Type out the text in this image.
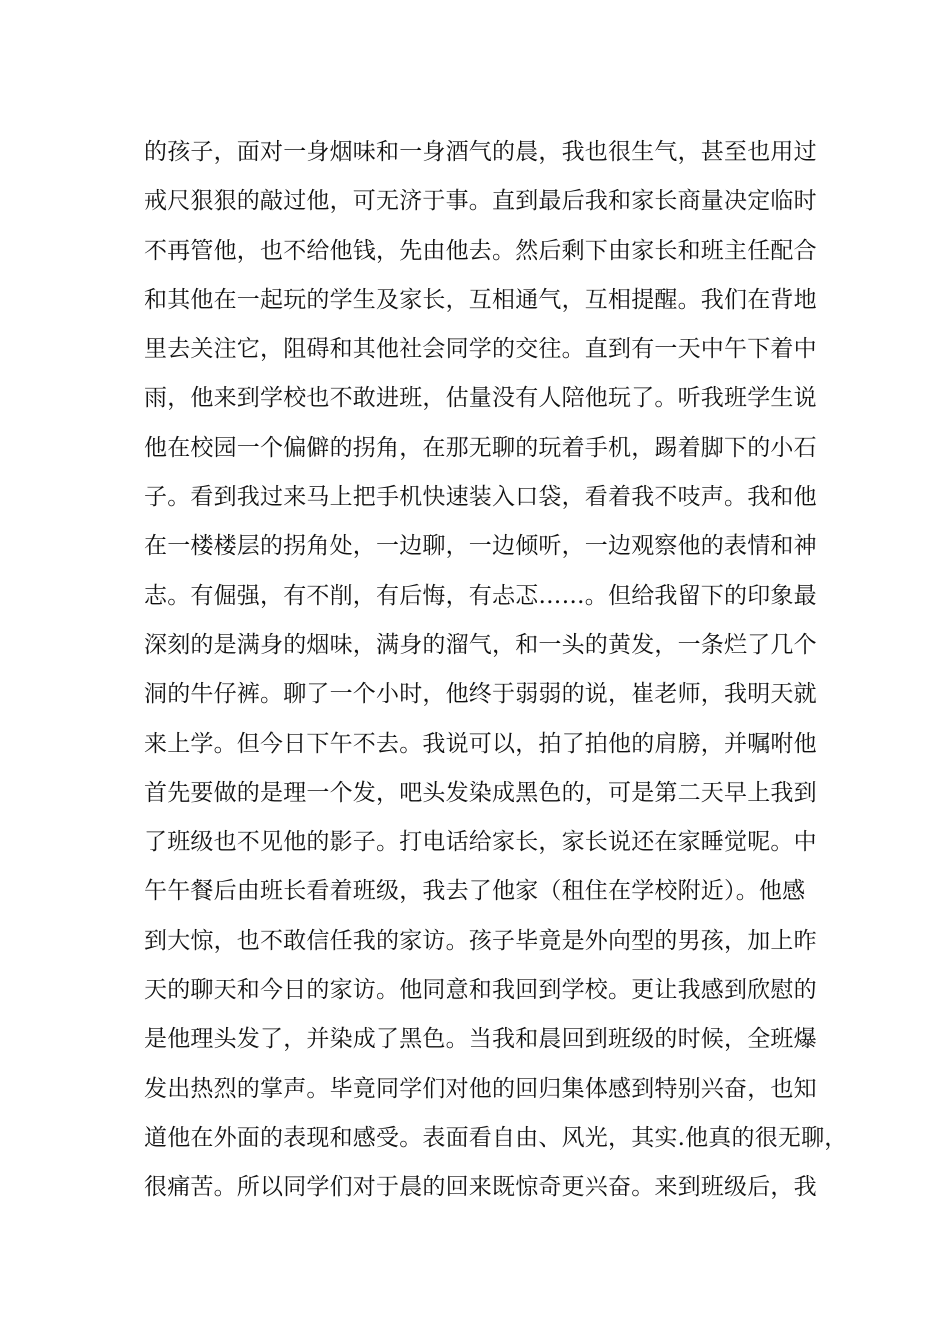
的孩子，面对一身烟味和一身酒气的晨，我也很生气，甚至也用过
戒尺狠狠的敲过他，可无济于事。直到最后我和家长商量决定临时
不再管他，也不给他钱，先由他去。然后剩下由家长和班主任配合
和其他在一起玩的学生及家长，互相通气，互相提醒。我们在背地
里去关注它，阻碍和其他社会同学的交往。直到有一天中午下着中
雨，他来到学校也不敢进班，估量没有人陪他玩了。听我班学生说
他在校园一个偏僻的拐角，在那无聊的玩着手机，踢着脚下的小石
子。看到我过来马上把手机快速装入口袋，看着我不吱声。我和他
在一楼楼层的拐角处，一边聊，一边倾听，一边观察他的表情和神
志。有倔强，有不削，有后悔，有忐忑……。但给我留下的印象最
深刻的是满身的烟味，满身的溜气，和一头的黄发，一条烂了几个
洞的牛仔裤。聊了一个小时，他终于弱弱的说，崔老师，我明天就
来上学。但今日下午不去。我说可以，拍了拍他的肩膀，并嘱咐他
首先要做的是理一个发，吧头发染成黑色的，可是第二天早上我到
了班级也不见他的影子。打电话给家长，家长说还在家睡觉呢。中
午午餐后由班长看着班级，我去了他家（租住在学校附近）。他感
到大惊，也不敢信任我的家访。孩子毕竟是外向型的男孩，加上昨
天的聊天和今日的家访。他同意和我回到学校。更让我感到欣慰的
是他理头发了，并染成了黑色。当我和晨回到班级的时候，全班爆
发出热烈的掌声。毕竟同学们对他的回归集体感到特别兴奋，也知
道他在外面的表现和感受。表面看自由、风光，其实.他真的很无聊，
很痛苦。所以同学们对于晨的回来既惊奇更兴奋。来到班级后，我
